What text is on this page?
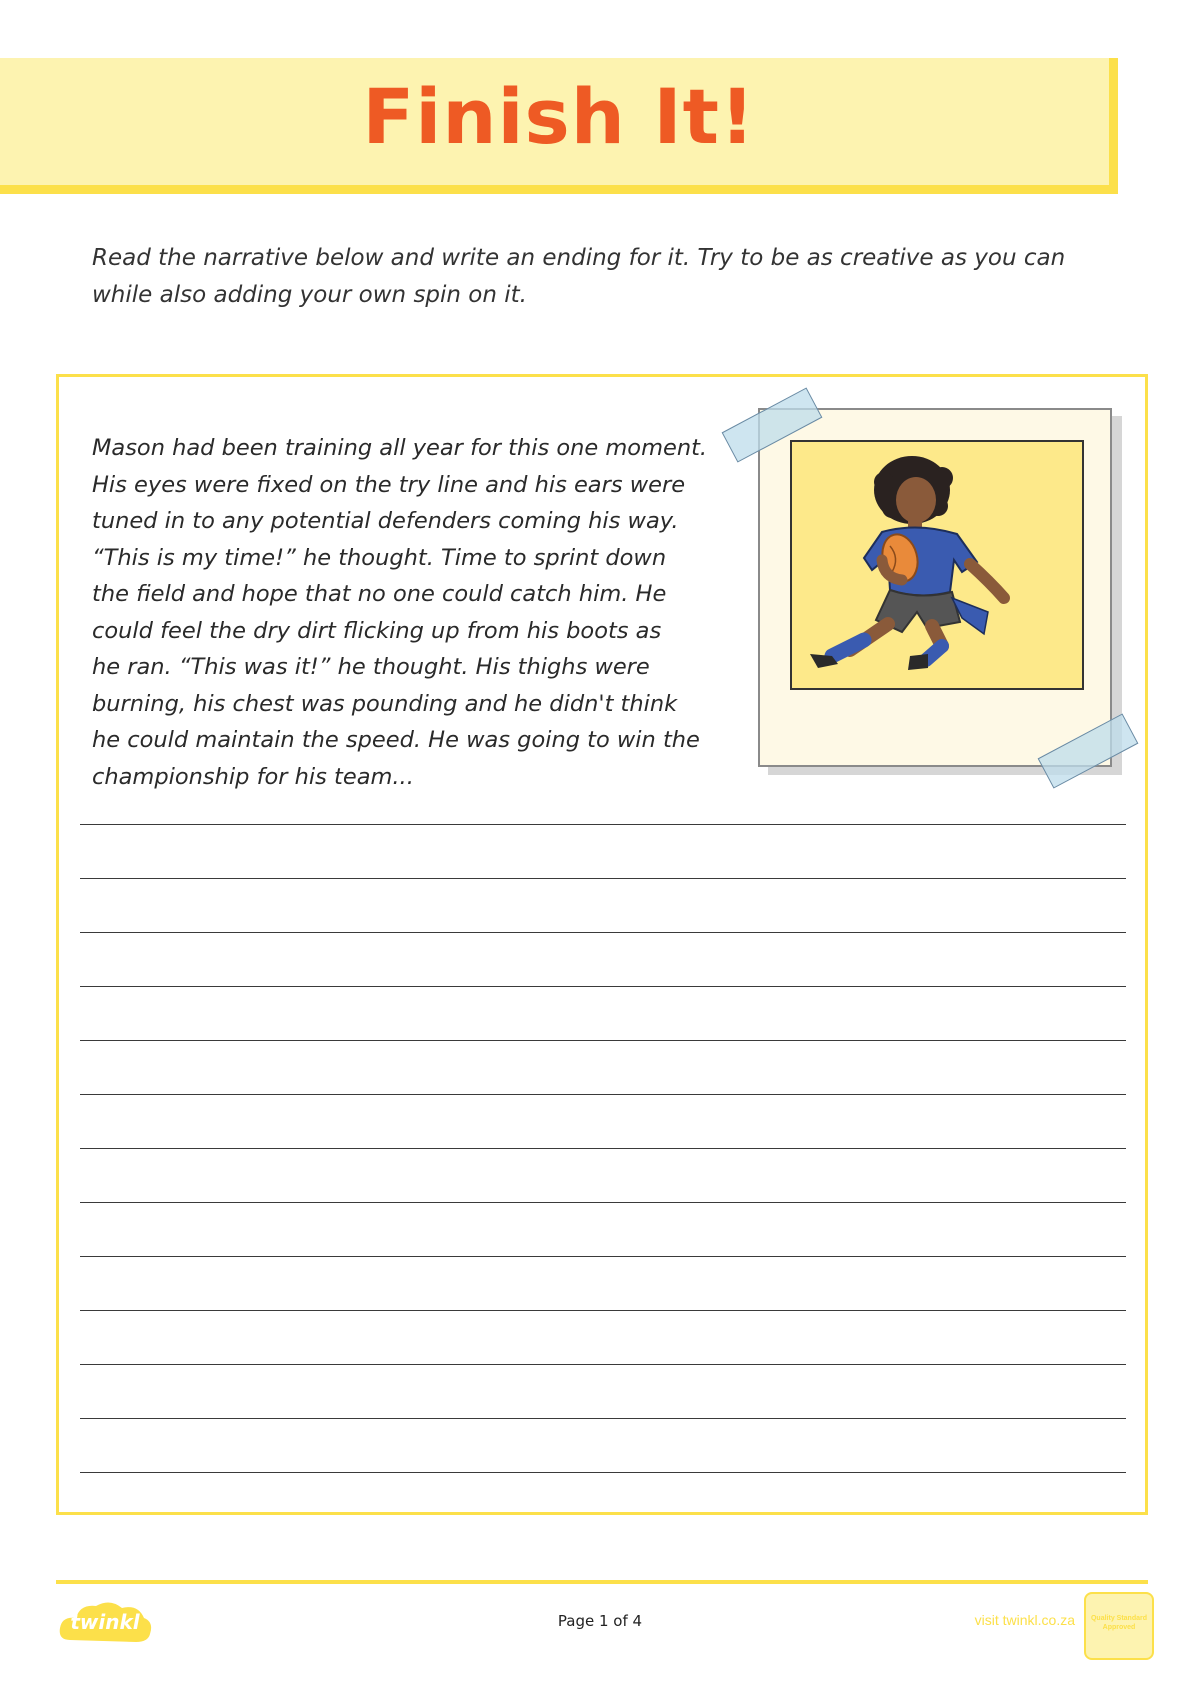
Finish It!
Read the narrative below and write an ending for it. Try to be as creative as you can
while also adding your own spin on it.
Mason had been training all year for this one moment.
His eyes were fixed on the try line and his ears were
tuned in to any potential defenders coming his way.
“This is my time!” he thought. Time to sprint down
the field and hope that no one could catch him. He
could feel the dry dirt flicking up from his boots as
he ran. “This was it!” he thought. His thighs were
burning, his chest was pounding and he didn't think
he could maintain the speed. He was going to win the
championship for his team...
twinkl	Page 1 of 4	visit twinkl.co.za	Quality Standard Approved
